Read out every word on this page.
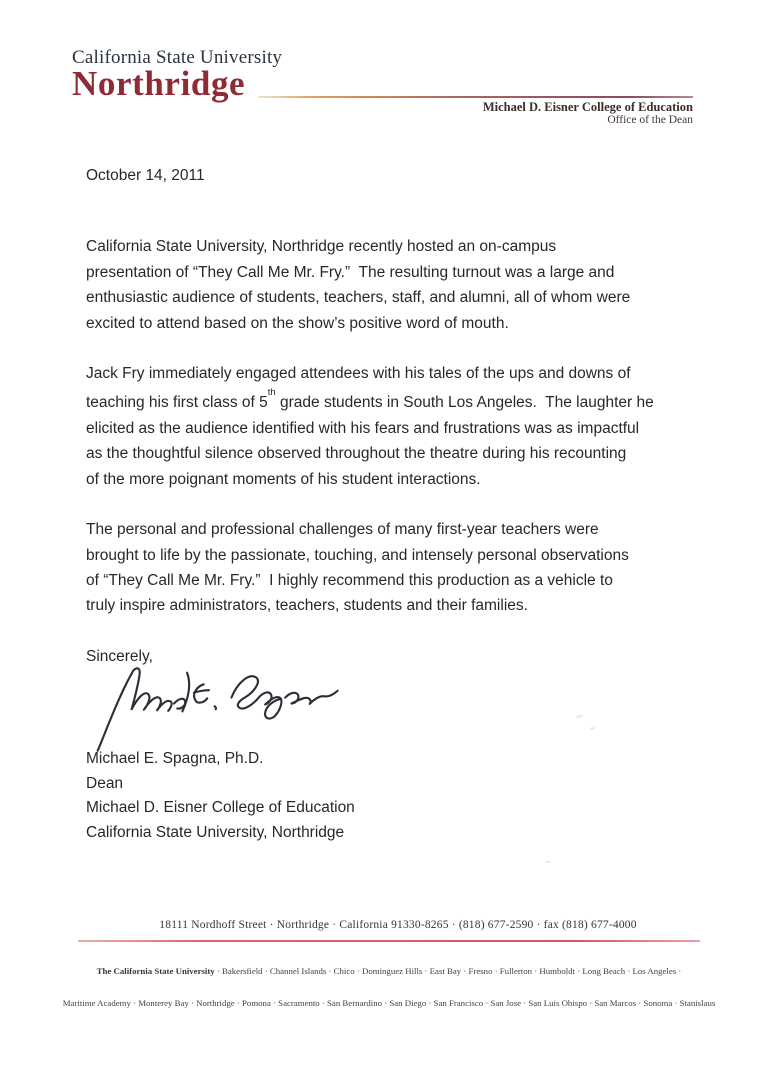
California State University
Northridge
Michael D. Eisner College of Education
Office of the Dean
October 14, 2011
California State University, Northridge recently hosted an on-campus
presentation of “They Call Me Mr. Fry.”  The resulting turnout was a large and
enthusiastic audience of students, teachers, staff, and alumni, all of whom were
excited to attend based on the show’s positive word of mouth.
Jack Fry immediately engaged attendees with his tales of the ups and downs of
teaching his first class of 5th grade students in South Los Angeles.  The laughter he
elicited as the audience identified with his fears and frustrations was as impactful
as the thoughtful silence observed throughout the theatre during his recounting
of the more poignant moments of his student interactions.
The personal and professional challenges of many first-year teachers were
brought to life by the passionate, touching, and intensely personal observations
of “They Call Me Mr. Fry.”  I highly recommend this production as a vehicle to
truly inspire administrators, teachers, students and their families.
Sincerely,
Michael E. Spagna, Ph.D.
Dean
Michael D. Eisner College of Education
California State University, Northridge
18111 Nordhoff Street · Northridge · California 91330-8265 · (818) 677-2590 · fax (818) 677-4000

The California State University · Bakersfield · Channel Islands · Chico · Dominguez Hills · East Bay · Fresno · Fullerton · Humboldt · Long Beach · Los Angeles ·

Maritime Academy · Monterey Bay · Northridge · Pomona · Sacramento · San Bernardino · San Diego · San Francisco · San Jose · San Luis Obispo · San Marcos · Sonoma · Stanislaus
